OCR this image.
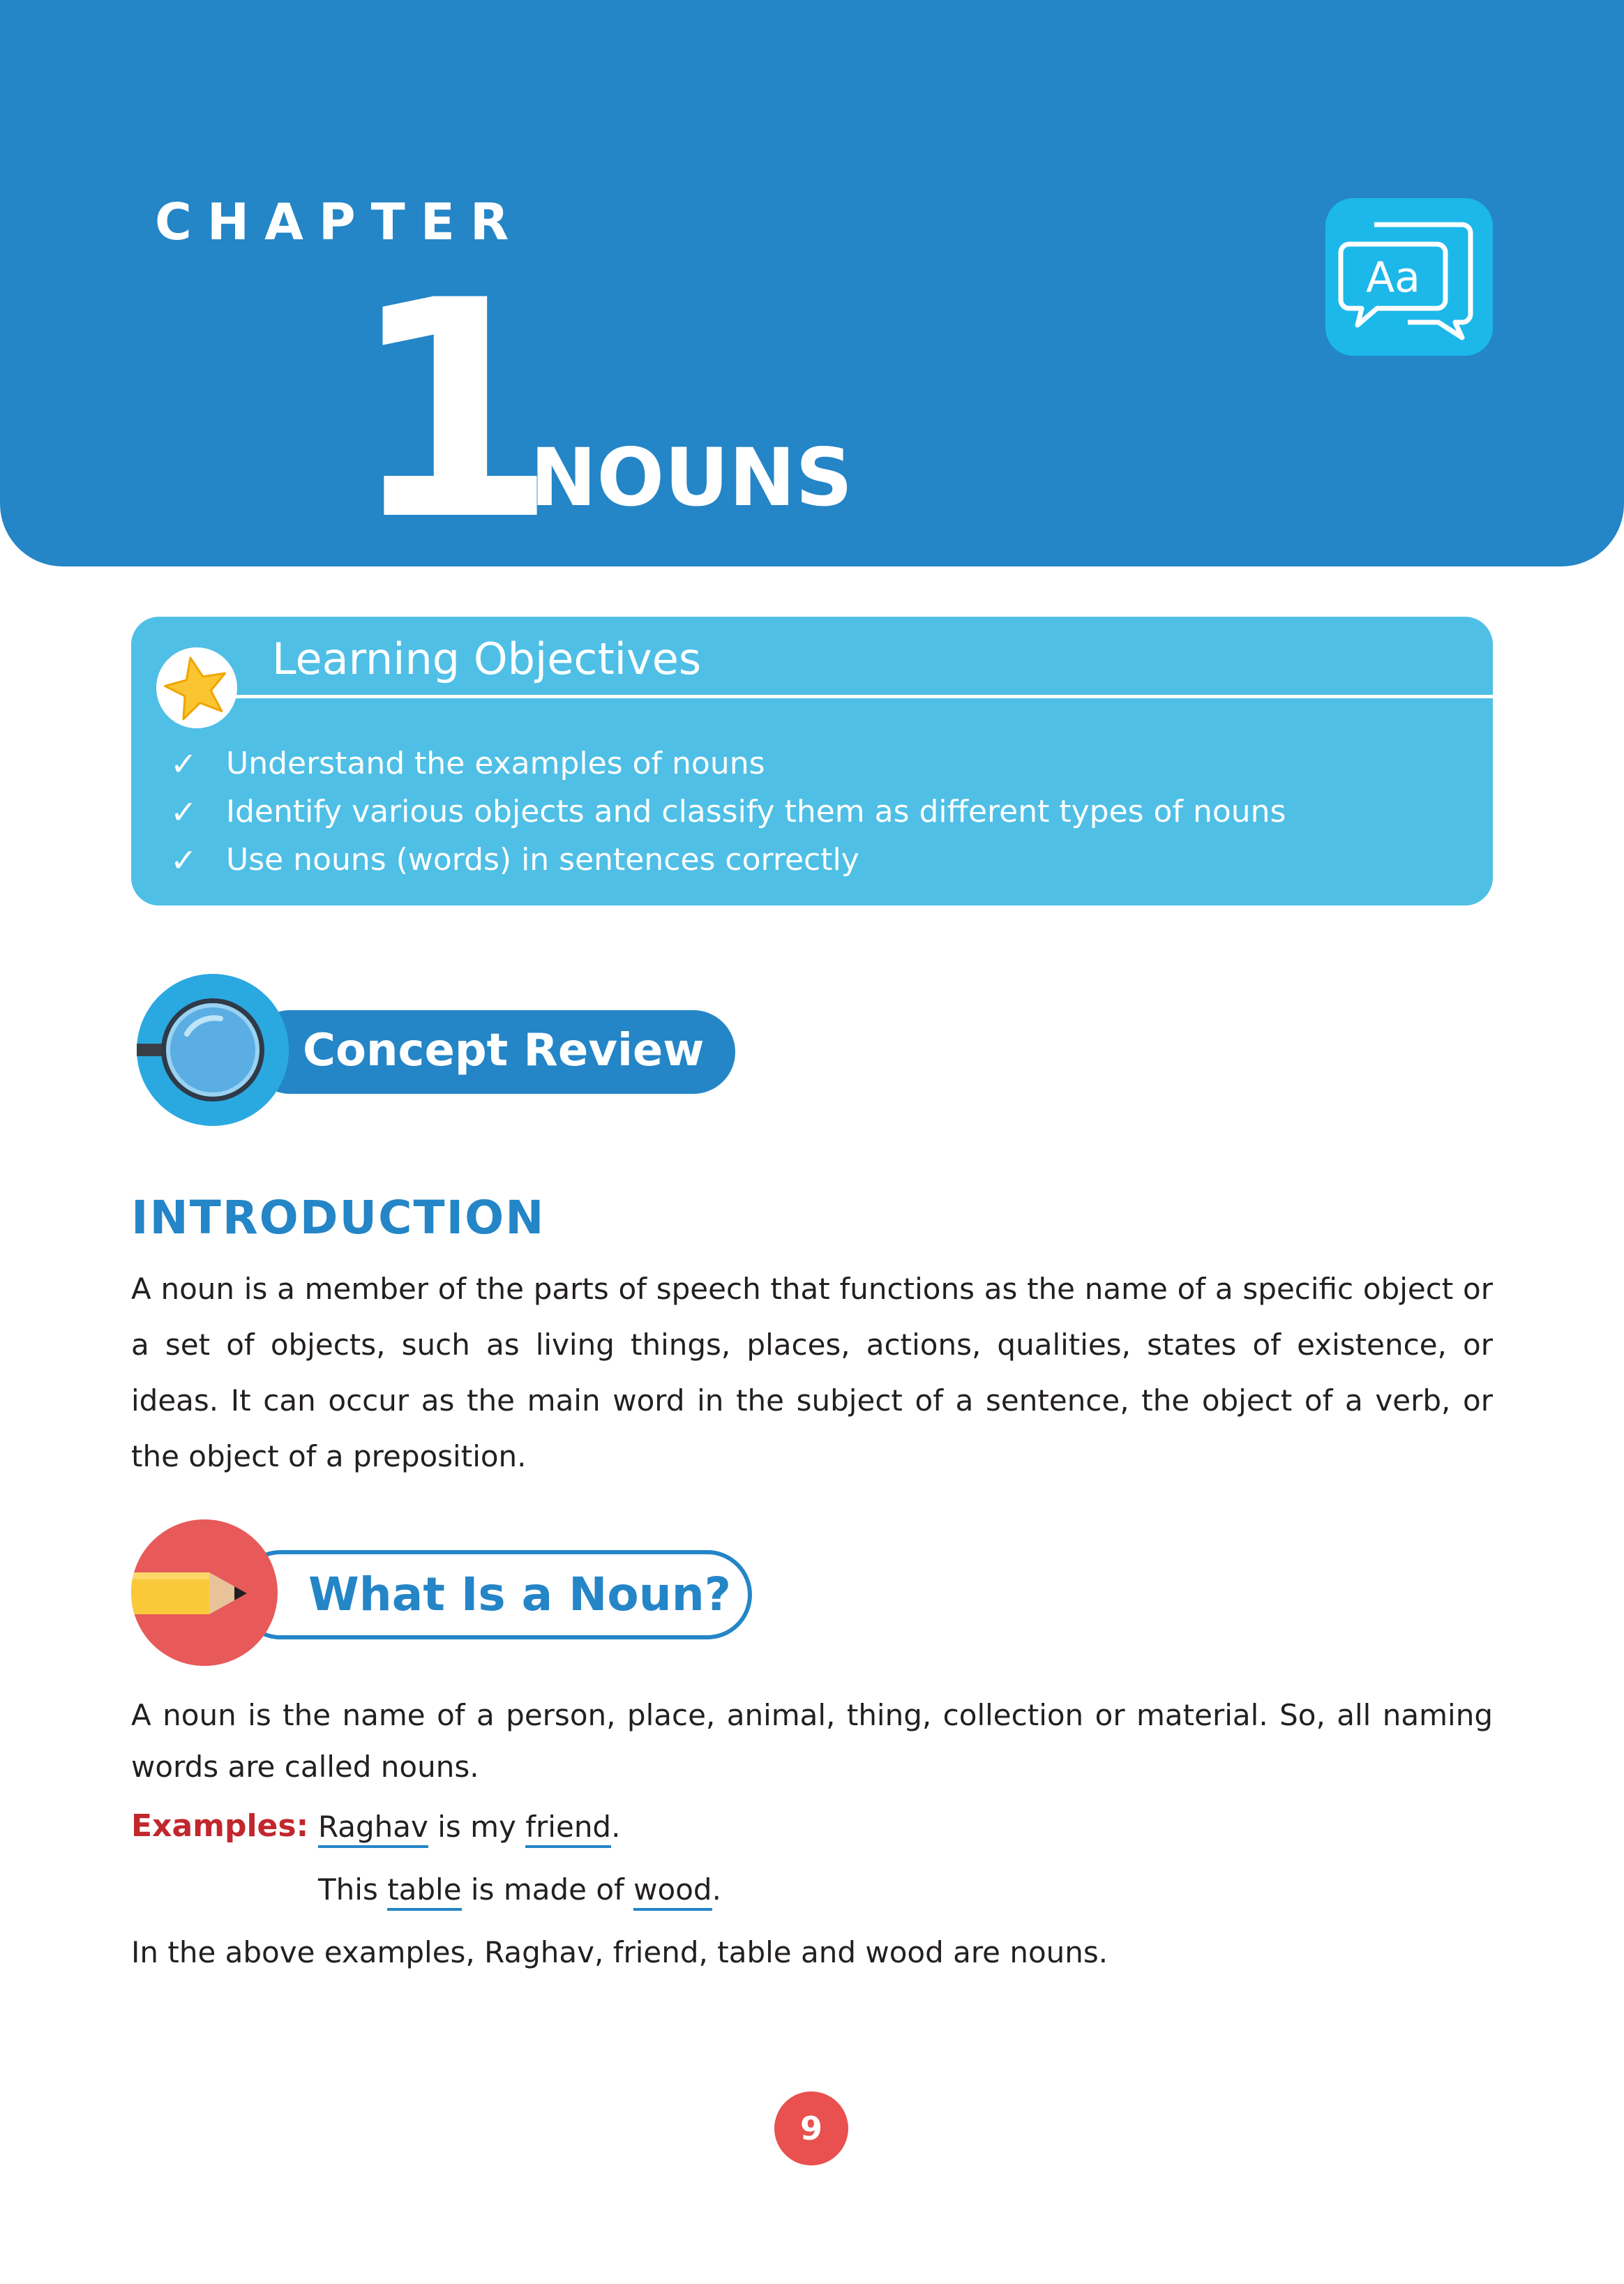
CHAPTER
1
NOUNS
Aa
Learning Objectives
✓ Understand the examples of nouns
✓ Identify various objects and classify them as different types of nouns
✓ Use nouns (words) in sentences correctly
Concept Review
INTRODUCTION

A noun is a member of the parts of speech that functions as the name of a specific object or a set of objects, such as living things, places, actions, qualities, states of existence, or ideas. It can occur as the main word in the subject of a sentence, the object of a verb, or the object of a preposition.

What Is a Noun?

A noun is the name of a person, place, animal, thing, collection or material. So, all naming words are called nouns.

Examples: Raghav is my friend.
This table is made of wood.
In the above examples, Raghav, friend, table and wood are nouns.
9
